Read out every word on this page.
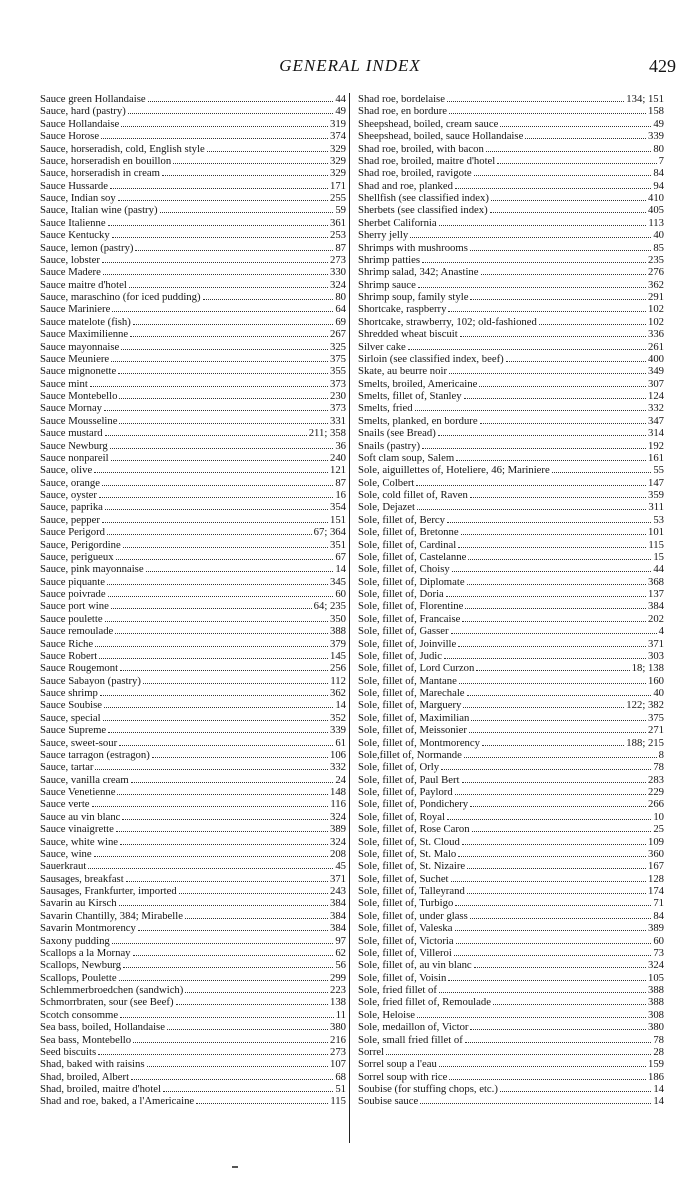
GENERAL INDEX	429
Sauce green Hollandaise	44
Sauce, hard (pastry)	49
Sauce Hollandaise	319
Sauce Horose	374
Sauce, horseradish, cold, English style	329
Sauce, horseradish en bouillon	329
Sauce, horseradish in cream	329
Sauce Hussarde	171
Sauce, Indian soy	255
Sauce, Italian wine (pastry)	59
Sauce Italienne	361
Sauce Kentucky	253
Sauce, lemon (pastry)	87
Sauce, lobster	273
Sauce Madere	330
Sauce maitre d'hotel	324
Sauce, maraschino (for iced pudding)	80
Sauce Mariniere	64
Sauce matelote (fish)	69
Sauce Maximilienne	267
Sauce mayonnaise	325
Sauce Meuniere	375
Sauce mignonette	355
Sauce mint	373
Sauce Montebello	230
Sauce Mornay	373
Sauce Mousseline	331
Sauce mustard	211; 358
Sauce Newburg	36
Sauce nonpareil	240
Sauce, olive	121
Sauce, orange	87
Sauce, oyster	16
Sauce, paprika	354
Sauce, pepper	151
Sauce Perigord	67; 364
Sauce, Perigordine	351
Sauce, perigueux	67
Sauce, pink mayonnaise	14
Sauce piquante	345
Sauce poivrade	60
Sauce port wine	64; 235
Sauce poulette	350
Sauce remoulade	388
Sauce Riche	379
Sauce Robert	145
Sauce Rougemont	256
Sauce Sabayon (pastry)	112
Sauce shrimp	362
Sauce Soubise	14
Sauce, special	352
Sauce Supreme	339
Sauce, sweet-sour	61
Sauce tarragon (estragon)	106
Sauce, tartar	332
Sauce, vanilla cream	24
Sauce Venetienne	148
Sauce verte	116
Sauce au vin blanc	324
Sauce vinaigrette	389
Sauce, white wine	324
Sauce, wine	208
Sauerkraut	45
Sausages, breakfast	371
Sausages, Frankfurter, imported	243
Savarin au Kirsch	384
Savarin Chantilly, 384; Mirabelle	384
Savarin Montmorency	384
Saxony pudding	97
Scallops a la Mornay	62
Scallops, Newburg	56
Scallops, Poulette	299
Schlemmerbroedchen (sandwich)	223
Schmorrbraten, sour (see Beef)	138
Scotch consomme	11
Sea bass, boiled, Hollandaise	380
Sea bass, Montebello	216
Seed biscuits	273
Shad, baked with raisins	107
Shad, broiled, Albert	68
Shad, broiled, maitre d'hotel	51
Shad and roe, baked, a l'Americaine	115
Shad roe, bordelaise	134; 151
Shad roe, en bordure	158
Sheepshead, boiled, cream sauce	49
Sheepshead, boiled, sauce Hollandaise	339
Shad roe, broiled, with bacon	80
Shad roe, broiled, maitre d'hotel	7
Shad roe, broiled, ravigote	84
Shad and roe, planked	94
Shellfish (see classified index)	410
Sherbets (see classified index)	405
Sherbet California	113
Sherry jelly	40
Shrimps with mushrooms	85
Shrimp patties	235
Shrimp salad, 342; Anastine	276
Shrimp sauce	362
Shrimp soup, family style	291
Shortcake, raspberry	102
Shortcake, strawberry, 102; old-fashioned	102
Shredded wheat biscuit	336
Silver cake	261
Sirloin (see classified index, beef)	400
Skate, au beurre noir	349
Smelts, broiled, Americaine	307
Smelts, fillet of, Stanley	124
Smelts, fried	332
Smelts, planked, en bordure	347
Snails (see Bread)	314
Snails (pastry)	192
Soft clam soup, Salem	161
Sole, aiguillettes of, Hoteliere, 46; Mariniere	55
Sole, Colbert	147
Sole, cold fillet of, Raven	359
Sole, Dejazet	311
Sole, fillet of, Bercy	53
Sole, fillet of, Bretonne	101
Sole, fillet of, Cardinal	115
Sole, fillet of, Castelanne	15
Sole, fillet of, Choisy	44
Sole, fillet of, Diplomate	368
Sole, fillet of, Doria	137
Sole, fillet of, Florentine	384
Sole, fillet of, Francaise	202
Sole, fillet of, Gasser	4
Sole, fillet of, Joinville	371
Sole, fillet of, Judic	303
Sole, fillet of, Lord Curzon	18; 138
Sole, fillet of, Mantane	160
Sole, fillet of, Marechale	40
Sole, fillet of, Marguery	122; 382
Sole, fillet of, Maximilian	375
Sole, fillet of, Meissonier	271
Sole, fillet of, Montmorency	188; 215
Sole,fillet of, Normande	8
Sole, fillet of, Orly	78
Sole, fillet of, Paul Bert	283
Sole, fillet of, Paylord	229
Sole, fillet of, Pondichery	266
Sole, fillet of, Royal	10
Sole, fillet of, Rose Caron	25
Sole, fillet of, St. Cloud	109
Sole, fillet of, St. Malo	360
Sole, fillet of, St. Nizaire	167
Sole, fillet of, Suchet	128
Sole, fillet of, Talleyrand	174
Sole, fillet of, Turbigo	71
Sole, fillet of, under glass	84
Sole, fillet of, Valeska	389
Sole, fillet of, Victoria	60
Sole, fillet of, Villeroi	73
Sole, fillet of, au vin blanc	324
Sole, fillet of, Voisin	105
Sole, fried fillet of	388
Sole, fried fillet of, Remoulade	388
Sole, Heloise	308
Sole, medaillon of, Victor	380
Sole, small fried fillet of	78
Sorrel	28
Sorrel soup a l'eau	159
Sorrel soup with rice	186
Soubise (for stuffing chops, etc.)	14
Soubise sauce	14
